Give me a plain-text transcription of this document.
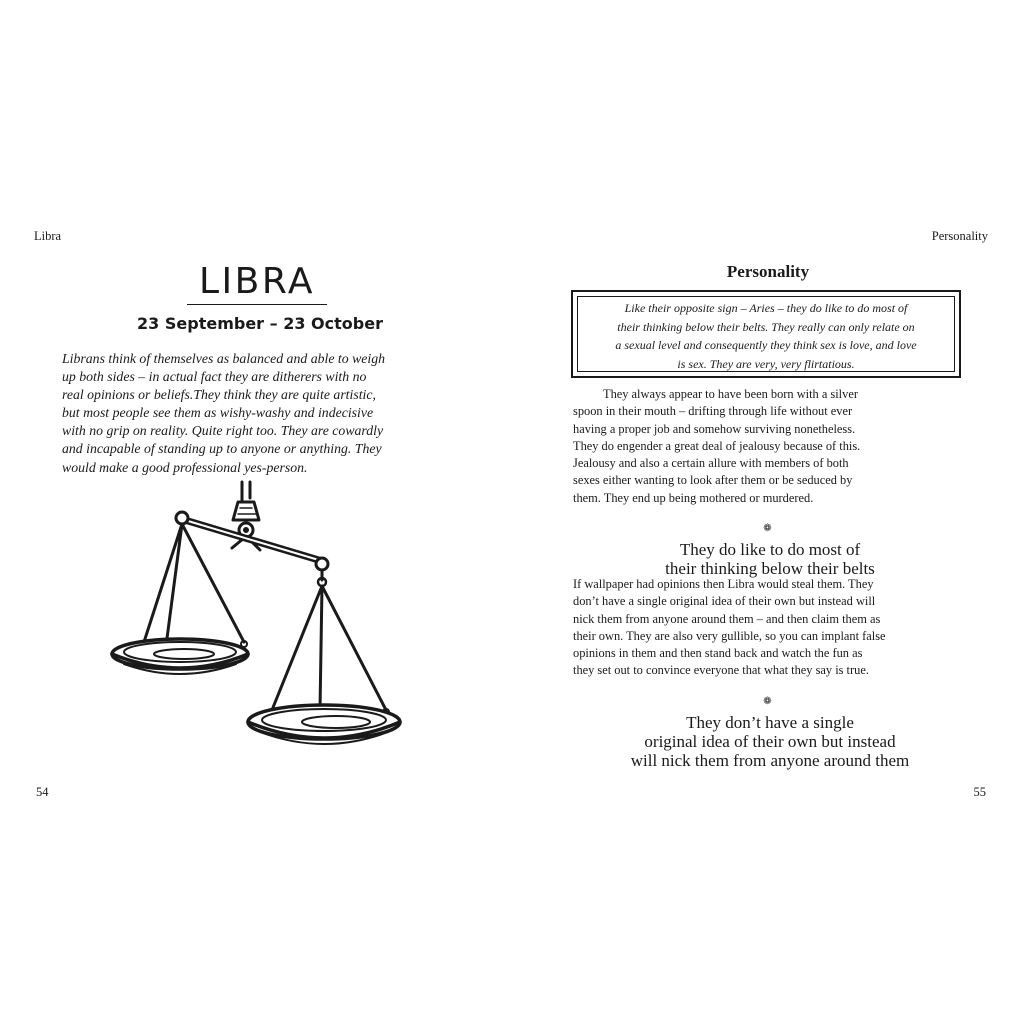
Libra
LIBRA
23 September – 23 October
Librans think of themselves as balanced and able to weigh
up both sides – in actual fact they are ditherers with no
real opinions or beliefs.They think they are quite artistic,
but most people see them as wishy-washy and indecisive
with no grip on reality. Quite right too. They are cowardly
and incapable of standing up to anyone or anything. They
would make a good professional yes-person.
54
Personality
Personality
Like their opposite sign – Aries – they do like to do most of
their thinking below their belts. They really can only relate on
a sexual level and consequently they think sex is love, and love
is sex. They are very, very flirtatious.
They always appear to have been born with a silver
spoon in their mouth – drifting through life without ever
having a proper job and somehow surviving nonetheless.
They do engender a great deal of jealousy because of this.
Jealousy and also a certain allure with members of both
sexes either wanting to look after them or be seduced by
them. They end up being mothered or murdered.
❁
They do like to do most of
their thinking below their belts
If wallpaper had opinions then Libra would steal them. They
don’t have a single original idea of their own but instead will
nick them from anyone around them – and then claim them as
their own. They are also very gullible, so you can implant false
opinions in them and then stand back and watch the fun as
they set out to convince everyone that what they say is true.
❁
They don’t have a single
original idea of their own but instead
will nick them from anyone around them
55
